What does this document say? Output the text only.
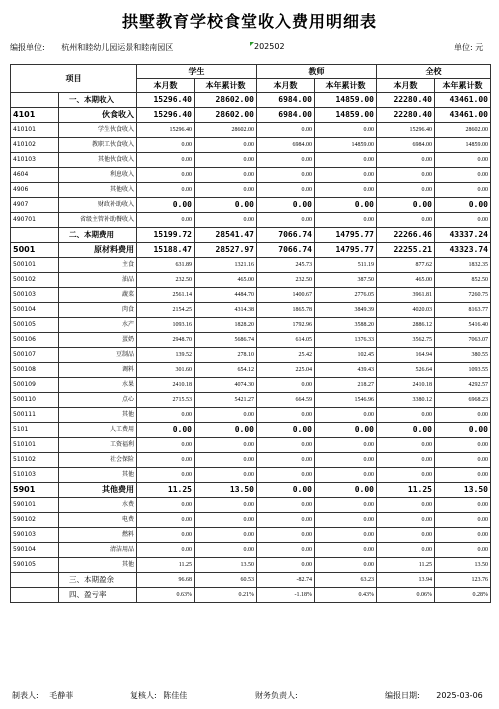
拱墅教育学校食堂收入费用明细表
编报单位: 杭州和睦幼儿园运景和睦南园区	202502	单位: 元
项目		学生		教师		全校	
		本月数	本年累计数	本月数	本年累计数	本月数	本年累计数
	一、本期收入	15296.40	28602.00	6984.00	14859.00	22280.40	43461.00
4101	伙食收入	15296.40	28602.00	6984.00	14859.00	22280.40	43461.00
410101	学生伙食收入	15296.40	28602.00	0.00	0.00	15296.40	28602.00
410102	教职工伙食收入	0.00	0.00	6984.00	14859.00	6984.00	14859.00
410103	其他伙食收入	0.00	0.00	0.00	0.00	0.00	0.00
4604	利息收入	0.00	0.00	0.00	0.00	0.00	0.00
4906	其他收入	0.00	0.00	0.00	0.00	0.00	0.00
4907	财政补助收入	0.00	0.00	0.00	0.00	0.00	0.00
490701	省级主管补助餐收入	0.00	0.00	0.00	0.00	0.00	0.00
	二、本期费用	15199.72	28541.47	7066.74	14795.77	22266.46	43337.24
5001	原材料费用	15188.47	28527.97	7066.74	14795.77	22255.21	43323.74
500101	主食	631.89	1321.16	245.73	511.19	877.62	1832.35
500102	油品	232.50	465.00	232.50	387.50	465.00	852.50
500103	蔬菜	2561.14	4484.70	1400.67	2776.05	3961.81	7260.75
500104	肉食	2154.25	4314.38	1865.78	3849.39	4020.03	8163.77
500105	水产	1093.16	1828.20	1792.96	3588.20	2886.12	5416.40
500106	蛋奶	2948.70	5686.74	614.05	1376.33	3562.75	7063.07
500107	豆制品	139.52	278.10	25.42	102.45	164.94	380.55
500108	调料	301.60	654.12	225.04	439.43	526.64	1093.55
500109	水果	2410.18	4074.30	0.00	218.27	2410.18	4292.57
500110	点心	2715.53	5421.27	664.59	1546.96	3380.12	6968.23
500111	其他	0.00	0.00	0.00	0.00	0.00	0.00
5101	人工费用	0.00	0.00	0.00	0.00	0.00	0.00
510101	工资福利	0.00	0.00	0.00	0.00	0.00	0.00
510102	社会保险	0.00	0.00	0.00	0.00	0.00	0.00
510103	其他	0.00	0.00	0.00	0.00	0.00	0.00
5901	其他费用	11.25	13.50	0.00	0.00	11.25	13.50
590101	水费	0.00	0.00	0.00	0.00	0.00	0.00
590102	电费	0.00	0.00	0.00	0.00	0.00	0.00
590103	燃料	0.00	0.00	0.00	0.00	0.00	0.00
590104	清洁用品	0.00	0.00	0.00	0.00	0.00	0.00
590105	其他	11.25	13.50	0.00	0.00	11.25	13.50
	三、本期盈余	96.68	60.53	-82.74	63.23	13.94	123.76
	四、盈亏率	0.63%	0.21%	-1.18%	0.43%	0.06%	0.28%
制表人: 毛静菲	复核人: 陈佳佳	财务负责人:	编报日期: 2025-03-06
